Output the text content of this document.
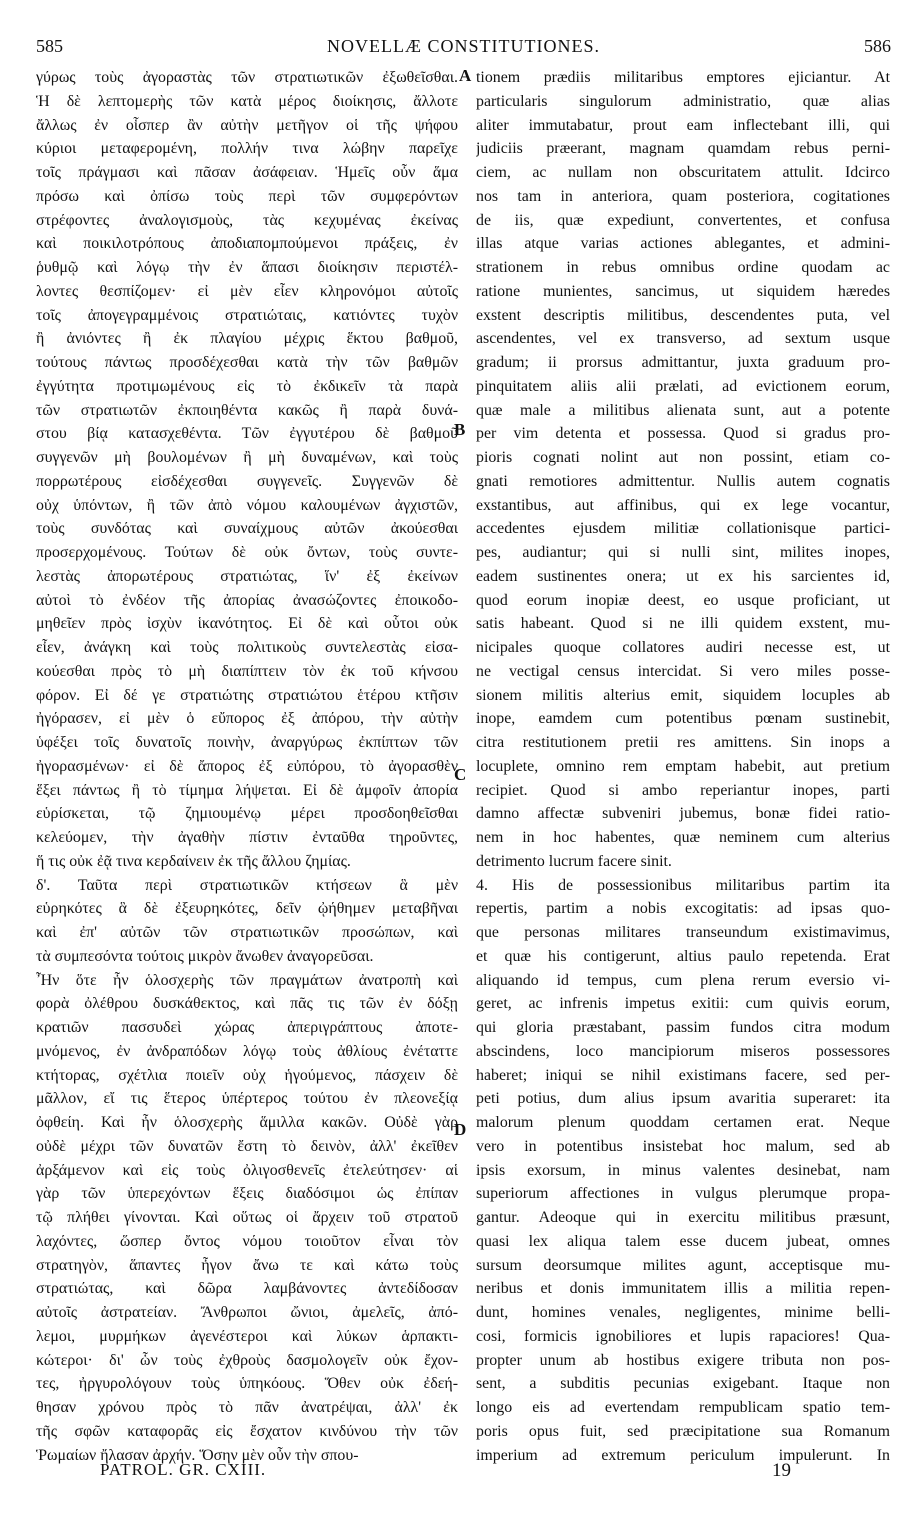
585	NOVELLÆ CONSTITUTIONES.	586
γύρως τοὺς ἀγοραστὰς τῶν στρατιωτικῶν ἐξωθεῖσθαι.
Ἡ δὲ λεπτομερὴς τῶν κατὰ μέρος διοίκησις, ἄλλοτε
ἄλλως ἐν οἷσπερ ἂν αὐτὴν μετῆγον οἱ τῆς ψήφου
κύριοι μεταφερομένη, πολλήν τινα λώβην παρεῖχε
τοῖς πράγμασι καὶ πᾶσαν ἀσάφειαν. Ἡμεῖς οὖν ἅμα
πρόσω καὶ ὀπίσω τοὺς περὶ τῶν συμφερόντων
στρέφοντες ἀναλογισμοὺς, τὰς κεχυμένας ἐκείνας
καὶ ποικιλοτρόπους ἀποδιαπομπούμενοι πράξεις, ἐν
ῥυθμῷ καὶ λόγῳ τὴν ἐν ἅπασι διοίκησιν περιστέλ-
λοντες θεσπίζομεν· εἰ μὲν εἶεν κληρονόμοι αὐτοῖς
τοῖς ἀπογεγραμμένοις στρατιώταις, κατιόντες τυχὸν
ἢ ἀνιόντες ἢ ἐκ πλαγίου μέχρις ἕκτου βαθμοῦ,
τούτους πάντως προσδέχεσθαι κατὰ τὴν τῶν βαθμῶν
ἐγγύτητα προτιμωμένους εἰς τὸ ἐκδικεῖν τὰ παρὰ
τῶν στρατιωτῶν ἐκποιηθέντα κακῶς ἢ παρὰ δυνά-
στου βίᾳ κατασχεθέντα. Τῶν ἐγγυτέρου δὲ βαθμοῦ
συγγενῶν μὴ βουλομένων ἢ μὴ δυναμένων, καὶ τοὺς
πορρωτέρους εἰσδέχεσθαι συγγενεῖς. Συγγενῶν δὲ
οὐχ ὑπόντων, ἢ τῶν ἀπὸ νόμου καλουμένων ἀγχιστῶν,
τοὺς συνδότας καὶ συναίχμους αὐτῶν ἀκούεσθαι
προσερχομένους. Τούτων δὲ οὐκ ὄντων, τοὺς συντε-
λεστὰς ἀπορωτέρους στρατιώτας, ἵν' ἐξ ἐκείνων
αὐτοὶ τὸ ἐνδέον τῆς ἀπορίας ἀνασώζοντες ἐποικοδο-
μηθεῖεν πρὸς ἰσχὺν ἱκανότητος. Εἰ δὲ καὶ οὗτοι οὐκ
εἶεν, ἀνάγκη καὶ τοὺς πολιτικοὺς συντελεστὰς εἰσα-
κούεσθαι πρὸς τὸ μὴ διαπίπτειν τὸν ἐκ τοῦ κήνσου
φόρον. Εἰ δέ γε στρατιώτης στρατιώτου ἑτέρου κτῆσιν
ἠγόρασεν, εἰ μὲν ὁ εὔπορος ἐξ ἀπόρου, τὴν αὐτὴν
ὑφέξει τοῖς δυνατοῖς ποινὴν, ἀναργύρως ἐκπίπτων τῶν
ἠγορασμένων· εἰ δὲ ἄπορος ἐξ εὐπόρου, τὸ ἀγορασθὲν
ἕξει πάντως ἢ τὸ τίμημα λήψεται. Εἰ δὲ ἀμφοῖν ἀπορία
εὑρίσκεται, τῷ ζημιουμένῳ μέρει προσδοηθεῖσθαι
κελεύομεν, τὴν ἀγαθὴν πίστιν ἐνταῦθα τηροῦντες,
ἥ τις οὐκ ἐᾷ τινα κερδαίνειν ἐκ τῆς ἄλλου ζημίας.
δ'. Ταῦτα περὶ στρατιωτικῶν κτήσεων ἃ μὲν
εὑρηκότες ἃ δὲ ἐξευρηκότες, δεῖν ᾠήθημεν μεταβῆναι
καὶ ἐπ' αὐτῶν τῶν στρατιωτικῶν προσώπων, καὶ
τὰ συμπεσόντα τούτοις μικρὸν ἄνωθεν ἀναγορεῦσαι.
Ἦν ὅτε ἦν ὁλοσχερὴς τῶν πραγμάτων ἀνατροπὴ καὶ
φορὰ ὀλέθρου δυσκάθεκτος, καὶ πᾶς τις τῶν ἐν δόξῃ
κρατιῶν πασσυδεὶ χώρας ἀπεριγράπτους ἀποτε-
μνόμενος, ἐν ἀνδραπόδων λόγῳ τοὺς ἀθλίους ἐνέταττε
κτήτορας, σχέτλια ποιεῖν οὐχ ἡγούμενος, πάσχειν δὲ
μᾶλλον, εἴ τις ἕτερος ὑπέρτερος τούτου ἐν πλεονεξίᾳ
ὀφθείη. Καὶ ἦν ὁλοσχερὴς ἅμιλλα κακῶν. Οὐδὲ γὰρ
οὐδὲ μέχρι τῶν δυνατῶν ἔστη τὸ δεινὸν, ἀλλ' ἐκεῖθεν
ἀρξάμενον καὶ εἰς τοὺς ὀλιγοσθενεῖς ἐτελεύτησεν· αἱ
γὰρ τῶν ὑπερεχόντων ἕξεις διαδόσιμοι ὡς ἐπίπαν
τῷ πλήθει γίνονται. Καὶ οὕτως οἱ ἄρχειν τοῦ στρατοῦ
λαχόντες, ὥσπερ ὄντος νόμου τοιοῦτον εἶναι τὸν
στρατηγὸν, ἅπαντες ἦγον ἄνω τε καὶ κάτω τοὺς
στρατιώτας, καὶ δῶρα λαμβάνοντες ἀντεδίδοσαν
αὐτοῖς ἀστρατείαν. Ἄνθρωποι ὤνιοι, ἀμελεῖς, ἀπό-
λεμοι, μυρμήκων ἀγενέστεροι καὶ λύκων ἁρπακτι-
κώτεροι· δι' ὧν τοὺς ἐχθροὺς δασμολογεῖν οὐκ ἔχον-
τες, ἠργυρολόγουν τοὺς ὑπηκόους. Ὅθεν οὐκ ἐδεή-
θησαν χρόνου πρὸς τὸ πᾶν ἀνατρέψαι, ἀλλ' ἐκ
τῆς σφῶν καταφορᾶς εἰς ἔσχατον κινδύνου τὴν τῶν
Ῥωμαίων ἤλασαν ἀρχήν. Ὅσην μὲν οὖν τὴν σπου-
tionem prædiis militaribus emptores ejiciantur. At
particularis singulorum administratio, quæ alias
aliter immutabatur, prout eam inflectebant illi, qui
judiciis præerant, magnam quamdam rebus perni-
ciem, ac nullam non obscuritatem attulit. Idcirco
nos tam in anteriora, quam posteriora, cogitationes
de iis, quæ expediunt, convertentes, et confusa
illas atque varias actiones ablegantes, et admini-
strationem in rebus omnibus ordine quodam ac
ratione munientes, sancimus, ut siquidem hæredes
exstent descriptis militibus, descendentes puta, vel
ascendentes, vel ex transverso, ad sextum usque
gradum; ii prorsus admittantur, juxta graduum pro-
pinquitatem aliis alii prælati, ad evictionem eorum,
quæ male a militibus alienata sunt, aut a potente
per vim detenta et possessa. Quod si gradus pro-
pioris cognati nolint aut non possint, etiam co-
gnati remotiores admittentur. Nullis autem cognatis
exstantibus, aut affinibus, qui ex lege vocantur,
accedentes ejusdem militiæ collationisque partici-
pes, audiantur; qui si nulli sint, milites inopes,
eadem sustinentes onera; ut ex his sarcientes id,
quod eorum inopiæ deest, eo usque proficiant, ut
satis habeant. Quod si ne illi quidem exstent, mu-
nicipales quoque collatores audiri necesse est, ut
ne vectigal census intercidat. Si vero miles posse-
sionem militis alterius emit, siquidem locuples ab
inope, eamdem cum potentibus pœnam sustinebit,
citra restitutionem pretii res amittens. Sin inops a
locuplete, omnino rem emptam habebit, aut pretium
recipiet. Quod si ambo reperiantur inopes, parti
damno affectæ subveniri jubemus, bonæ fidei ratio-
nem in hoc habentes, quæ neminem cum alterius
detrimento lucrum facere sinit.
4. His de possessionibus militaribus partim ita
repertis, partim a nobis excogitatis: ad ipsas quo-
que personas militares transeundum existimavimus,
et quæ his contigerunt, altius paulo repetenda. Erat
aliquando id tempus, cum plena rerum eversio vi-
geret, ac infrenis impetus exitii: cum quivis eorum,
qui gloria præstabant, passim fundos citra modum
abscindens, loco mancipiorum miseros possessores
haberet; iniqui se nihil existimans facere, sed per-
peti potius, dum alius ipsum avaritia superaret: ita
malorum plenum quoddam certamen erat. Neque
vero in potentibus insistebat hoc malum, sed ab
ipsis exorsum, in minus valentes desinebat, nam
superiorum affectiones in vulgus plerumque propa-
gantur. Adeoque qui in exercitu militibus præsunt,
quasi lex aliqua talem esse ducem jubeat, omnes
sursum deorsumque milites agunt, acceptisque mu-
neribus et donis immunitatem illis a militia repen-
dunt, homines venales, negligentes, minime belli-
cosi, formicis ignobiliores et lupis rapaciores! Qua-
propter unum ab hostibus exigere tributa non pos-
sent, a subditis pecunias exigebant. Itaque non
longo eis ad evertendam rempublicam spatio tem-
poris opus fuit, sed præcipitatione sua Romanum
imperium ad extremum periculum impulerunt. In
A
B
C
D
PATROL. GR. CXIII.	19
